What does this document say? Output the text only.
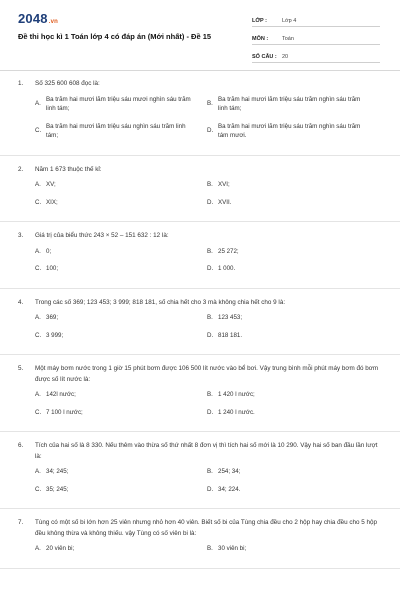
2048.vn
Đề thi học kì 1 Toán lớp 4 có đáp án (Mới nhất) - Đề 15
LỚP :	Lớp 4
MÔN :	Toán
SỐ CÂU : 20
1.	Số 325 600 608 đọc là:
A.
Ba trăm hai mươi lăm triệu sáu mươi nghìn sáu trăm linh tám;
B.
Ba trăm hai mươi lăm triệu sáu trăm nghìn sáu trăm linh tám;
C.
Ba trăm hai mươi lăm triệu sáu nghìn sáu trăm linh tám;
D.
Ba trăm hai mươi lăm triệu sáu trăm nghìn sáu trăm tám mươi.
2.	Năm 1 673 thuộc thế kỉ:
A. XV;	B. XVI;
C. XIX;	D. XVII.
3.	Giá trị của biểu thức 243 × 52 – 151 632 : 12 là:
A. 0;	B. 25 272;
C. 100;	D. 1 000.
4.	Trong các số 369; 123 453; 3 999; 818 181, số chia hết cho 3 mà không chia hết cho 9 là:
A. 369;	B. 123 453;
C. 3 999;	D. 818 181.
5.	Một máy bơm nước trong 1 giờ 15 phút bơm được 106 500 lít nước vào bể bơi. Vậy trung bình mỗi phút máy bơm đó bơm được số lít nước là:
A. 142l nước;	B. 1 420 l nước;
C. 7 100 l nước;	D. 1 240 l nước.
6.	Tích của hai số là 8 330. Nếu thêm vào thừa số thứ nhất 8 đơn vị thì tích hai số mới là 10 290. Vậy hai số ban đầu lần lượt là:
A. 34; 245;	B. 254; 34;
C. 35; 245;	D. 34; 224.
7.	Tùng có một số bi lớn hơn 25 viên nhưng nhỏ hơn 40 viên. Biết số bi của Tùng chia đều cho 2 hộp hay chia đều cho 5 hộp đều không thừa và không thiếu. vậy Tùng có số viên bi là:
A. 20 viên bi;	B. 30 viên bi;
